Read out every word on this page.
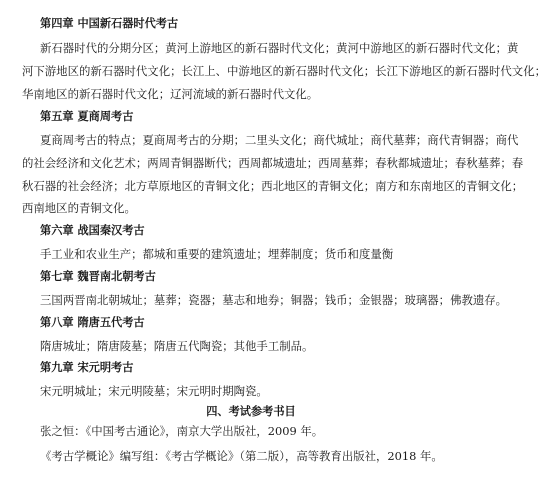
第四章 中国新石器时代考古
新石器时代的分期分区；黄河上游地区的新石器时代文化；黄河中游地区的新石器时代文化；黄
河下游地区的新石器时代文化；长江上、中游地区的新石器时代文化；长江下游地区的新石器时代文化；
华南地区的新石器时代文化；辽河流域的新石器时代文化。
第五章 夏商周考古
夏商周考古的特点；夏商周考古的分期；二里头文化；商代城址；商代墓葬；商代青铜器；商代
的社会经济和文化艺术；两周青铜器断代；西周都城遗址；西周墓葬；春秋都城遗址；春秋墓葬；春
秋石器的社会经济；北方草原地区的青铜文化；西北地区的青铜文化；南方和东南地区的青铜文化；
西南地区的青铜文化。
第六章 战国秦汉考古
手工业和农业生产；都城和重要的建筑遗址；埋葬制度；货币和度量衡
第七章 魏晋南北朝考古
三国两晋南北朝城址；墓葬；瓷器；墓志和地券；铜器；钱币；金银器；玻璃器；佛教遗存。
第八章 隋唐五代考古
隋唐城址；隋唐陵墓；隋唐五代陶瓷；其他手工制品。
第九章 宋元明考古
宋元明城址；宋元明陵墓；宋元明时期陶瓷。
四、考试参考书目
张之恒：《中国考古通论》，南京大学出版社，2009 年。
《考古学概论》编写组：《考古学概论》（第二版），高等教育出版社，2018 年。
